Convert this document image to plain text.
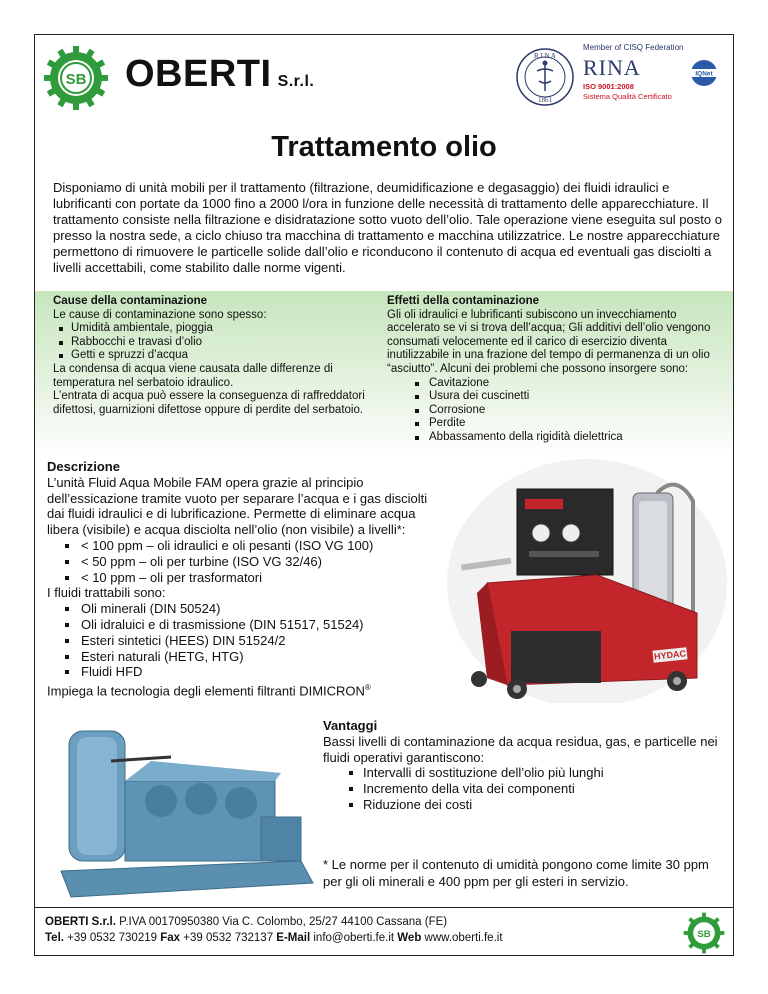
SB OBERTI S.r.l.
R I N A
1861
Member of CISQ Federation
RINA
ISO 9001:2008
Sistema Qualità Certificato
IQNet
Trattamento olio

Disponiamo di unità mobili per il trattamento (filtrazione, deumidificazione e degasaggio) dei fluidi idraulici e lubrificanti con portate da 1000 fino a 2000 l/ora in funzione delle necessità di trattamento delle apparecchiature. Il trattamento consiste nella filtrazione e disidratazione sotto vuoto dell’olio. Tale operazione viene eseguita sul posto o presso la nostra sede, a ciclo chiuso tra macchina di trattamento e macchina utilizzatrice. Le nostre apparecchiature permettono di rimuovere le particelle solide dall’olio e riconducono il contenuto di acqua ed eventuali gas disciolti a livelli accettabili, come stabilito dalle norme vigenti.

Cause della contaminazione
Le cause di contaminazione sono spesso:
Umidità ambientale, pioggia
Rabbocchi e travasi d’olio
Getti e spruzzi d’acqua
La condensa di acqua viene causata dalle differenze di temperatura nel serbatoio idraulico.
L’entrata di acqua può essere la conseguenza di raffreddatori difettosi, guarnizioni difettose oppure di perdite del serbatoio.
Effetti della contaminazione
Gli oli idraulici e lubrificanti subiscono un invecchiamento accelerato se vi si trova dell’acqua; Gli additivi dell’olio vengono consumati velocemente ed il carico di esercizio diventa inutilizzabile in una frazione del tempo di permanenza di un olio “asciutto”. Alcuni dei problemi che possono insorgere sono:
Cavitazione
Usura dei cuscinetti
Corrosione
Perdite
Abbassamento della rigidità dielettrica
Descrizione
L’unità Fluid Aqua Mobile FAM opera grazie al principio dell’essicazione tramite vuoto per separare l’acqua e i gas disciolti dai fluidi idraulici e di lubrificazione. Permette di eliminare acqua libera (visibile) e acqua disciolta nell’olio (non visibile) a livelli*:
< 100 ppm – oli idraulici e oli pesanti (ISO VG 100)
< 50 ppm – oli per turbine (ISO VG 32/46)
< 10 ppm – oli per trasformatori
I fluidi trattabili sono:
Oli minerali (DIN 50524)
Oli idraluici e di trasmissione (DIN 51517, 51524)
Esteri sintetici (HEES) DIN 51524/2
Esteri naturali (HETG, HTG)
Fluidi HFD
Impiega la tecnologia degli elementi filtranti DIMICRON®
HYDAC
Vantaggi
Bassi livelli di contaminazione da acqua residua, gas, e particelle nei fluidi operativi garantiscono:
Intervalli di sostituzione dell’olio più lunghi
Incremento della vita dei componenti
Riduzione dei costi

* Le norme per il contenuto di umidità pongono come limite 30 ppm per gli oli minerali e 400 ppm per gli esteri in servizio.

OBERTI S.r.l. P.IVA 00170950380 Via C. Colombo, 25/27 44100 Cassana (FE)
Tel. +39 0532 730219 Fax +39 0532 732137 E-Mail info@oberti.fe.it Web www.oberti.fe.it	SB
